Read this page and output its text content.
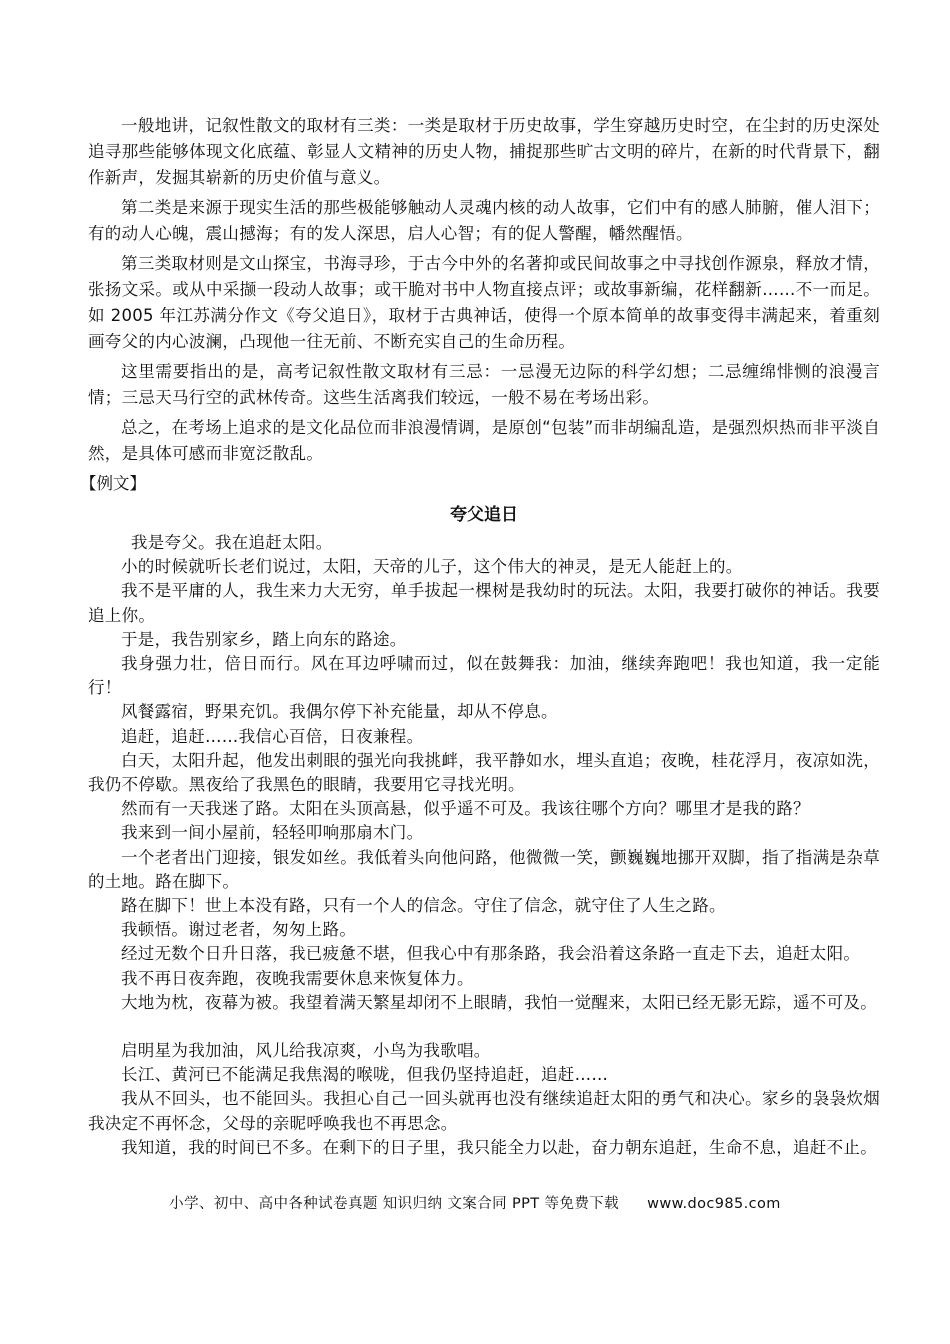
一般地讲，记叙性散文的取材有三类：一类是取材于历史故事，学生穿越历史时空，在尘封的历史深处追寻那些能够体现文化底蕴、彰显人文精神的历史人物，捕捉那些旷古文明的碎片，在新的时代背景下，翻作新声，发掘其崭新的历史价值与意义。

第二类是来源于现实生活的那些极能够触动人灵魂内核的动人故事，它们中有的感人肺腑，催人泪下；有的动人心魄，震山撼海；有的发人深思，启人心智；有的促人警醒，幡然醒悟。

第三类取材则是文山探宝，书海寻珍，于古今中外的名著抑或民间故事之中寻找创作源泉，释放才情，张扬文采。或从中采撷一段动人故事；或干脆对书中人物直接点评；或故事新编，花样翻新……不一而足。如 2005 年江苏满分作文《夸父追日》，取材于古典神话，使得一个原本简单的故事变得丰满起来，着重刻画夸父的内心波澜，凸现他一往无前、不断充实自己的生命历程。

这里需要指出的是，高考记叙性散文取材有三忌：一忌漫无边际的科学幻想；二忌缠绵悱恻的浪漫言情；三忌天马行空的武林传奇。这些生活离我们较远，一般不易在考场出彩。

总之，在考场上追求的是文化品位而非浪漫情调，是原创“包装”而非胡编乱造，是强烈炽热而非平淡自然，是具体可感而非宽泛散乱。

【例文】
夸父追日

我是夸父。我在追赶太阳。

小的时候就听长老们说过，太阳，天帝的儿子，这个伟大的神灵，是无人能赶上的。

我不是平庸的人，我生来力大无穷，单手拔起一棵树是我幼时的玩法。太阳，我要打破你的神话。我要追上你。

于是，我告别家乡，踏上向东的路途。

我身强力壮，倍日而行。风在耳边呼啸而过，似在鼓舞我：加油，继续奔跑吧！我也知道，我一定能行！

风餐露宿，野果充饥。我偶尔停下补充能量，却从不停息。

追赶，追赶……我信心百倍，日夜兼程。

白天，太阳升起，他发出刺眼的强光向我挑衅，我平静如水，埋头直追；夜晚，桂花浮月，夜凉如洗，我仍不停歇。黑夜给了我黑色的眼睛，我要用它寻找光明。

然而有一天我迷了路。太阳在头顶高悬，似乎遥不可及。我该往哪个方向？哪里才是我的路？

我来到一间小屋前，轻轻叩响那扇木门。

一个老者出门迎接，银发如丝。我低着头向他问路，他微微一笑，颤巍巍地挪开双脚，指了指满是杂草的土地。路在脚下。

路在脚下！世上本没有路，只有一个人的信念。守住了信念，就守住了人生之路。

我顿悟。谢过老者，匆匆上路。

经过无数个日升日落，我已疲惫不堪，但我心中有那条路，我会沿着这条路一直走下去，追赶太阳。

我不再日夜奔跑，夜晚我需要休息来恢复体力。

大地为枕，夜幕为被。我望着满天繁星却闭不上眼睛，我怕一觉醒来，太阳已经无影无踪，遥不可及。

启明星为我加油，风儿给我凉爽，小鸟为我歌唱。

长江、黄河已不能满足我焦渴的喉咙，但我仍坚持追赶，追赶……

我从不回头，也不能回头。我担心自己一回头就再也没有继续追赶太阳的勇气和决心。家乡的袅袅炊烟我决定不再怀念，父母的亲昵呼唤我也不再思念。

我知道，我的时间已不多。在剩下的日子里，我只能全力以赴，奋力朝东追赶，生命不息，追赶不止。

小学、初中、高中各种试卷真题 知识归纳 文案合同 PPT 等免费下载 www.doc985.com
